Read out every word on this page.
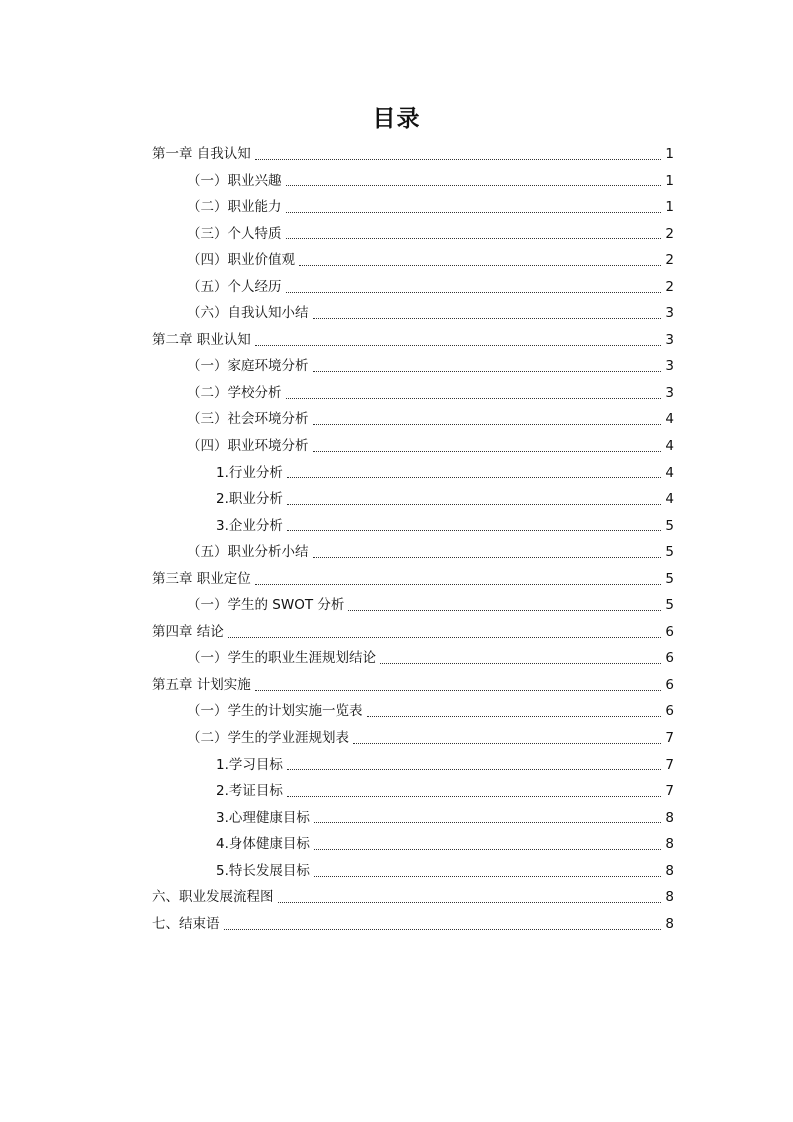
目录
第一章 自我认知	1
（一）职业兴趣	1
（二）职业能力	1
（三）个人特质	2
（四）职业价值观	2
（五）个人经历	2
（六）自我认知小结	3
第二章 职业认知	3
（一）家庭环境分析	3
（二）学校分析	3
（三）社会环境分析	4
（四）职业环境分析	4
1.行业分析	4
2.职业分析	4
3.企业分析	5
（五）职业分析小结	5
第三章 职业定位	5
（一）学生的 SWOT 分析	5
第四章 结论	6
（一）学生的职业生涯规划结论	6
第五章 计划实施	6
（一）学生的计划实施一览表	6
（二）学生的学业涯规划表	7
1.学习目标	7
2.考证目标	7
3.心理健康目标	8
4.身体健康目标	8
5.特长发展目标	8
六、职业发展流程图	8
七、结束语	8
